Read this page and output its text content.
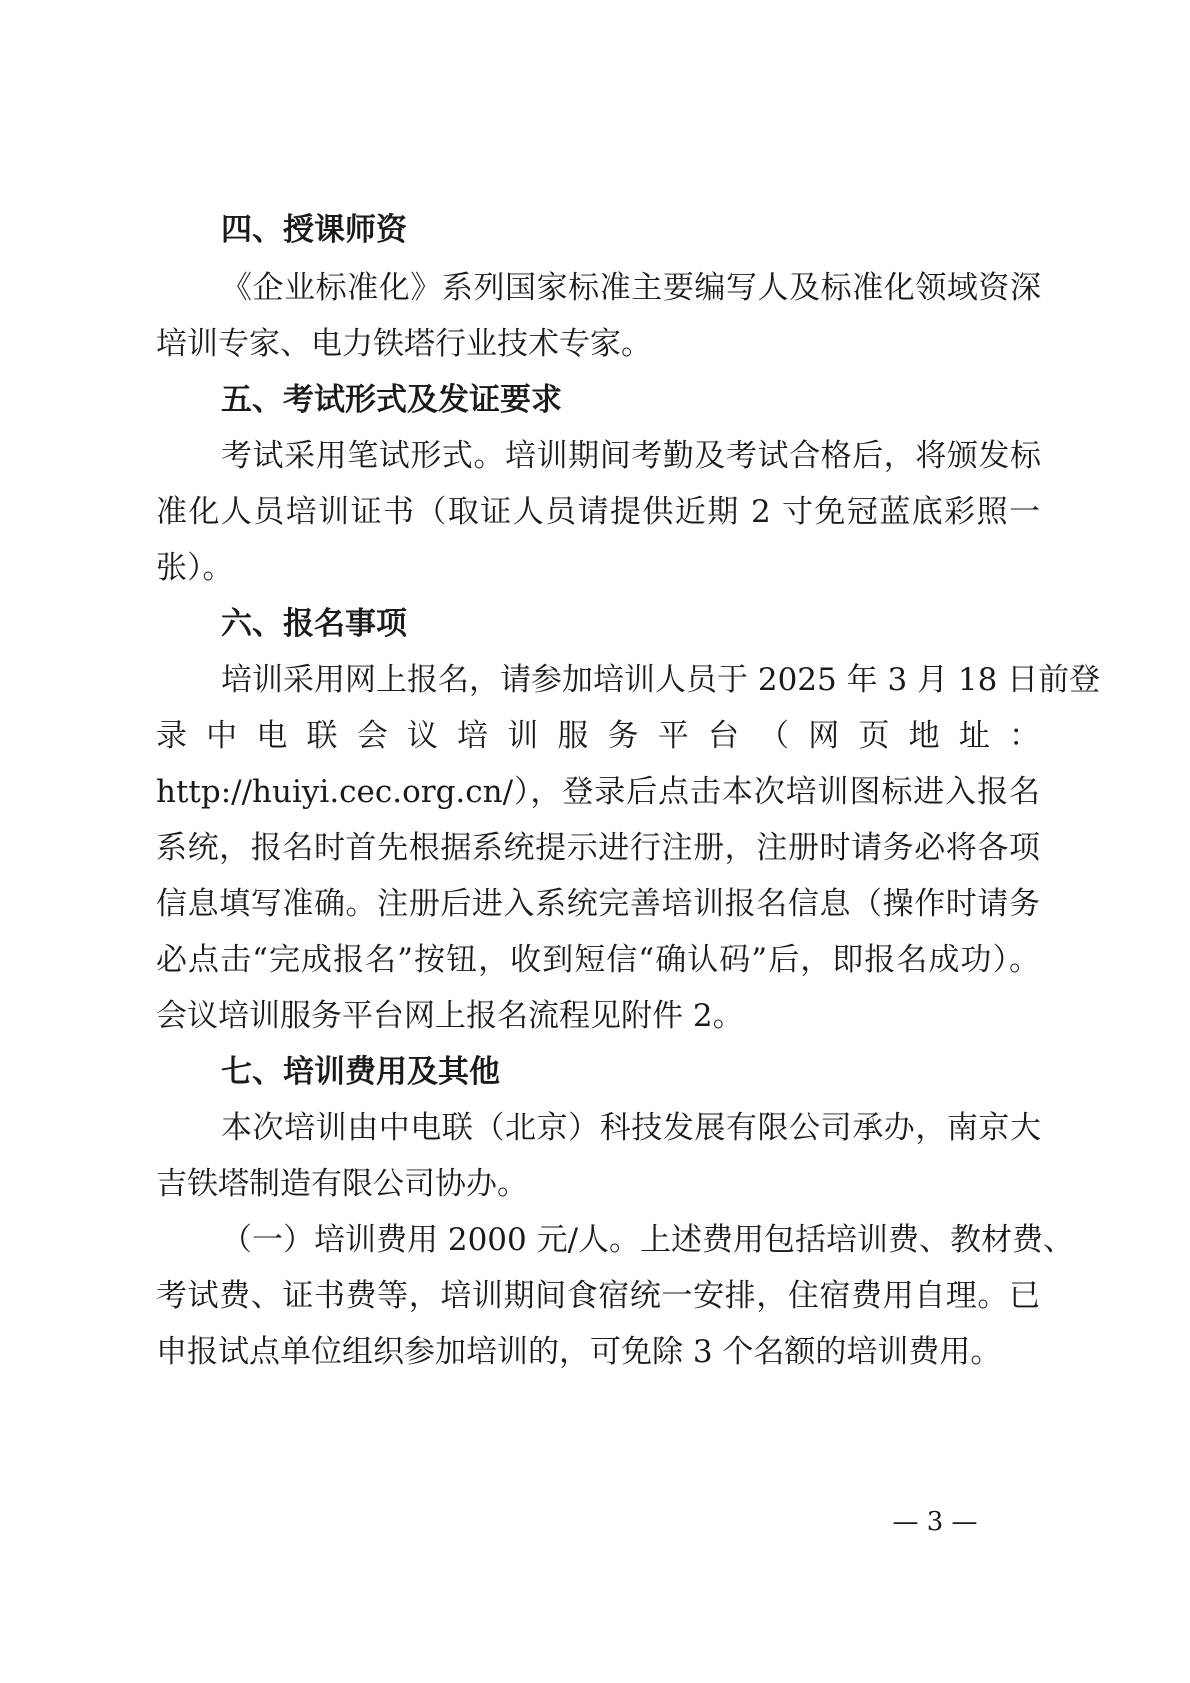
四、授课师资
《企业标准化》系列国家标准主要编写人及标准化领域资深
培训专家、电力铁塔行业技术专家。
五、考试形式及发证要求
考试采用笔试形式。培训期间考勤及考试合格后，将颁发标
准化人员培训证书（取证人员请提供近期 2 寸免冠蓝底彩照一
张）。
六、报名事项
培训采用网上报名，请参加培训人员于 2025 年 3 月 18 日前登
录中电联会议培训服务平台（网页地址：
http://huiyi.cec.org.cn/），登录后点击本次培训图标进入报名
系统，报名时首先根据系统提示进行注册，注册时请务必将各项
信息填写准确。注册后进入系统完善培训报名信息（操作时请务
必点击“完成报名”按钮，收到短信“确认码”后，即报名成功）。
会议培训服务平台网上报名流程见附件 2。
七、培训费用及其他
本次培训由中电联（北京）科技发展有限公司承办，南京大
吉铁塔制造有限公司协办。
（一）培训费用 2000 元/人。上述费用包括培训费、教材费、
考试费、证书费等，培训期间食宿统一安排，住宿费用自理。已
申报试点单位组织参加培训的，可免除 3 个名额的培训费用。
— 3 —
